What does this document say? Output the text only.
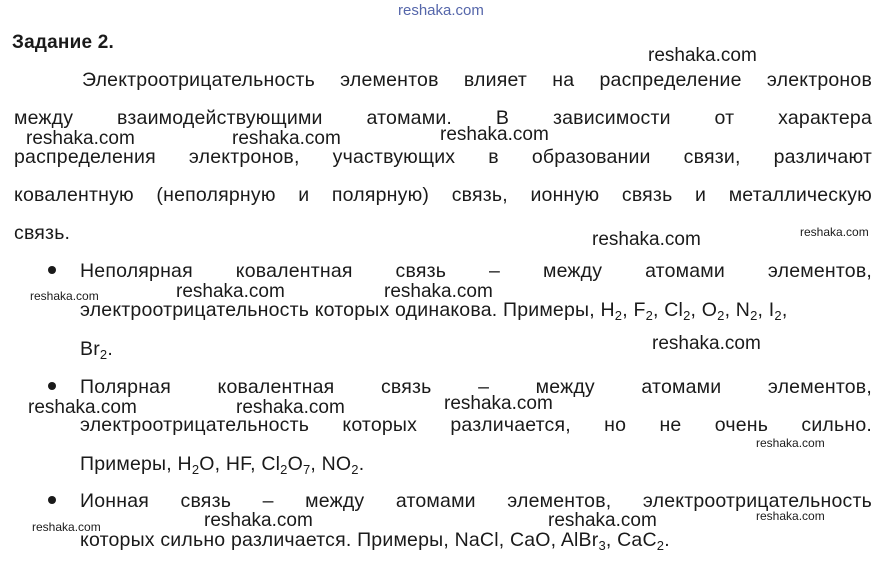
reshaka.com
Задание 2.
Электроотрицательность элементов влияет на распределение электронов
между взаимодействующими атомами. В зависимости от характера
распределения электронов, участвующих в образовании связи, различают
ковалентную (неполярную и полярную) связь, ионную связь и металлическую
связь.
Неполярная ковалентная связь – между атомами элементов,
электроотрицательность которых одинакова. Примеры, $H_2$, $F_2$, $Cl_2$, $O_2$, $N_2$, $I_2$,
$Br_2$.
Полярная ковалентная связь – между атомами элементов,
электроотрицательность которых различается, но не очень сильно.
Примеры, $H_2O$, HF, $Cl_2O_7$, $NO_2$.
Ионная связь – между атомами элементов, электроотрицательность
которых сильно различается. Примеры, NaCl, CaO, AlBr$_3$, CaC$_2$.
reshaka.com
reshaka.com	reshaka.com	reshaka.com
reshaka.com	reshaka.com
reshaka.com	reshaka.com	reshaka.com
reshaka.com
reshaka.com	reshaka.com	reshaka.com
reshaka.com
reshaka.com	reshaka.com	reshaka.com	reshaka.com
